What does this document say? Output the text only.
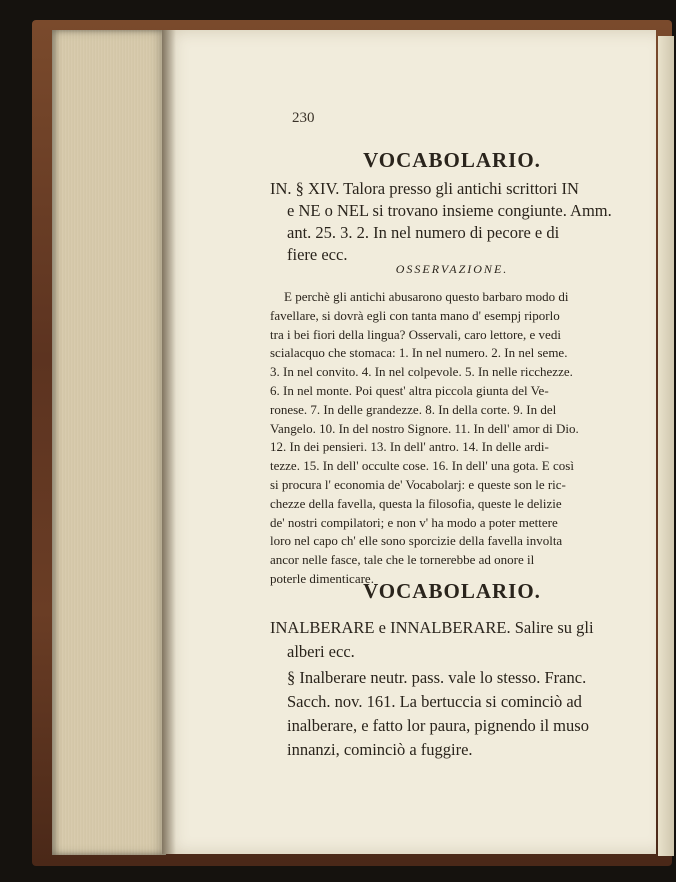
230
VOCABOLARIO.
IN. § XIV. Talora presso gli antichi scrittori IN
e NE o NEL si trovano insieme congiunte. Amm.
ant. 25. 3. 2. In nel numero di pecore e di
fiere ecc.
OSSERVAZIONE.
E perchè gli antichi abusarono questo barbaro modo di
favellare, si dovrà egli con tanta mano d' esempj riporlo
tra i bei fiori della lingua? Osservali, caro lettore, e vedi
scialacquo che stomaca: 1. In nel numero. 2. In nel seme.
3. In nel convito. 4. In nel colpevole. 5. In nelle ricchezze.
6. In nel monte. Poi quest' altra piccola giunta del Ve-
ronese. 7. In delle grandezze. 8. In della corte. 9. In del
Vangelo. 10. In del nostro Signore. 11. In dell' amor di Dio.
12. In dei pensieri. 13. In dell' antro. 14. In delle ardi-
tezze. 15. In dell' occulte cose. 16. In dell' una gota. E così
si procura l' economia de' Vocabolarj: e queste son le ric-
chezze della favella, questa la filosofia, queste le delizie
de' nostri compilatori; e non v' ha modo a poter mettere
loro nel capo ch' elle sono sporcizie della favella involta
ancor nelle fasce, tale che le tornerebbe ad onore il
poterle dimenticare.
VOCABOLARIO.
INALBERARE e INNALBERARE. Salire su gli
alberi ecc.
§ Inalberare neutr. pass. vale lo stesso. Franc.
Sacch. nov. 161. La bertuccia si cominciò ad
inalberare, e fatto lor paura, pignendo il muso
innanzi, cominciò a fuggire.
